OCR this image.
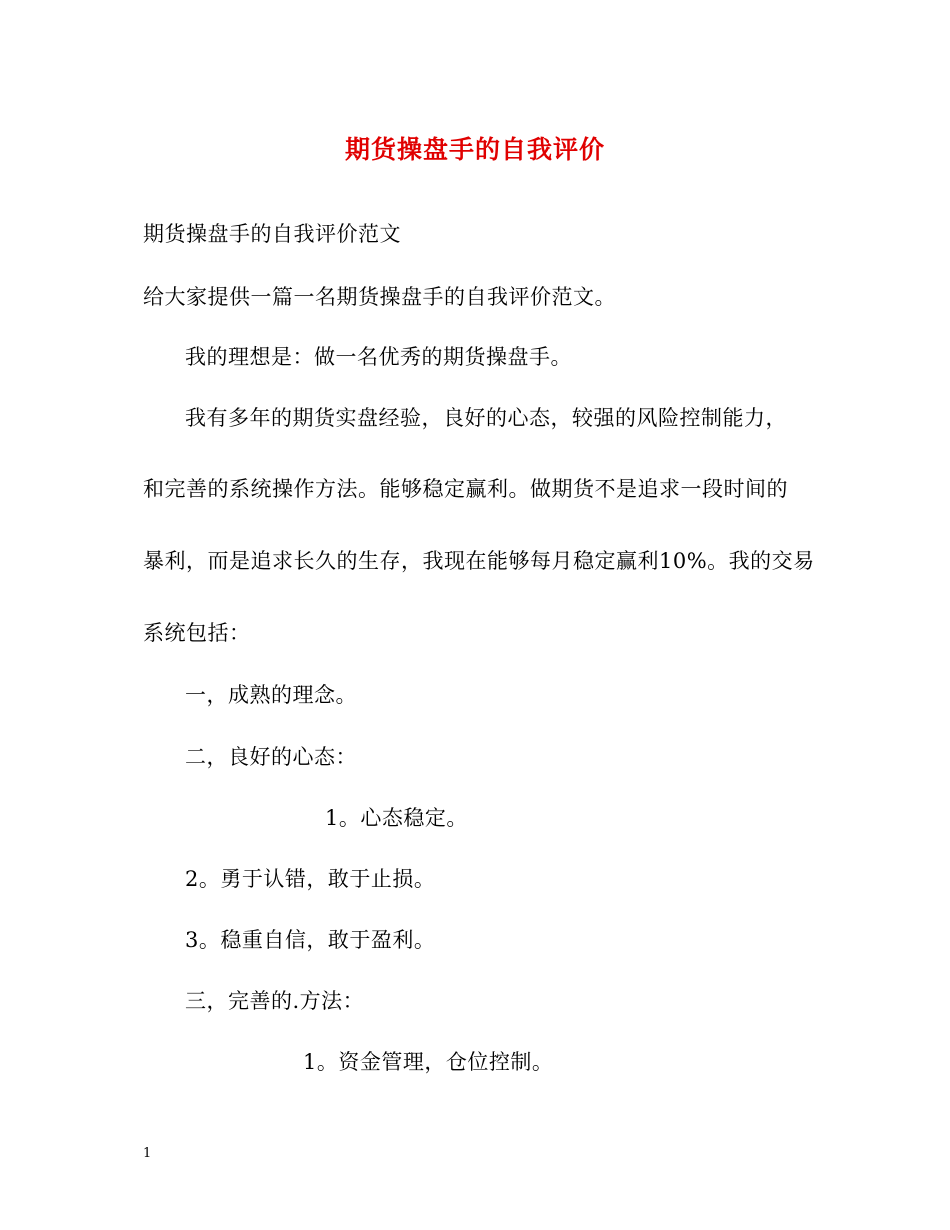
期货操盘手的自我评价
期货操盘手的自我评价范文
给大家提供一篇一名期货操盘手的自我评价范文。
我的理想是：做一名优秀的期货操盘手。
我有多年的期货实盘经验，良好的心态，较强的风险控制能力，
和完善的系统操作方法。能够稳定赢利。做期货不是追求一段时间的
暴利，而是追求长久的生存，我现在能够每月稳定赢利10%。我的交易
系统包括：
一，成熟的理念。
二，良好的心态：
1。心态稳定。
2。勇于认错，敢于止损。
3。稳重自信，敢于盈利。
三，完善的.方法：
1。资金管理，仓位控制。
1
